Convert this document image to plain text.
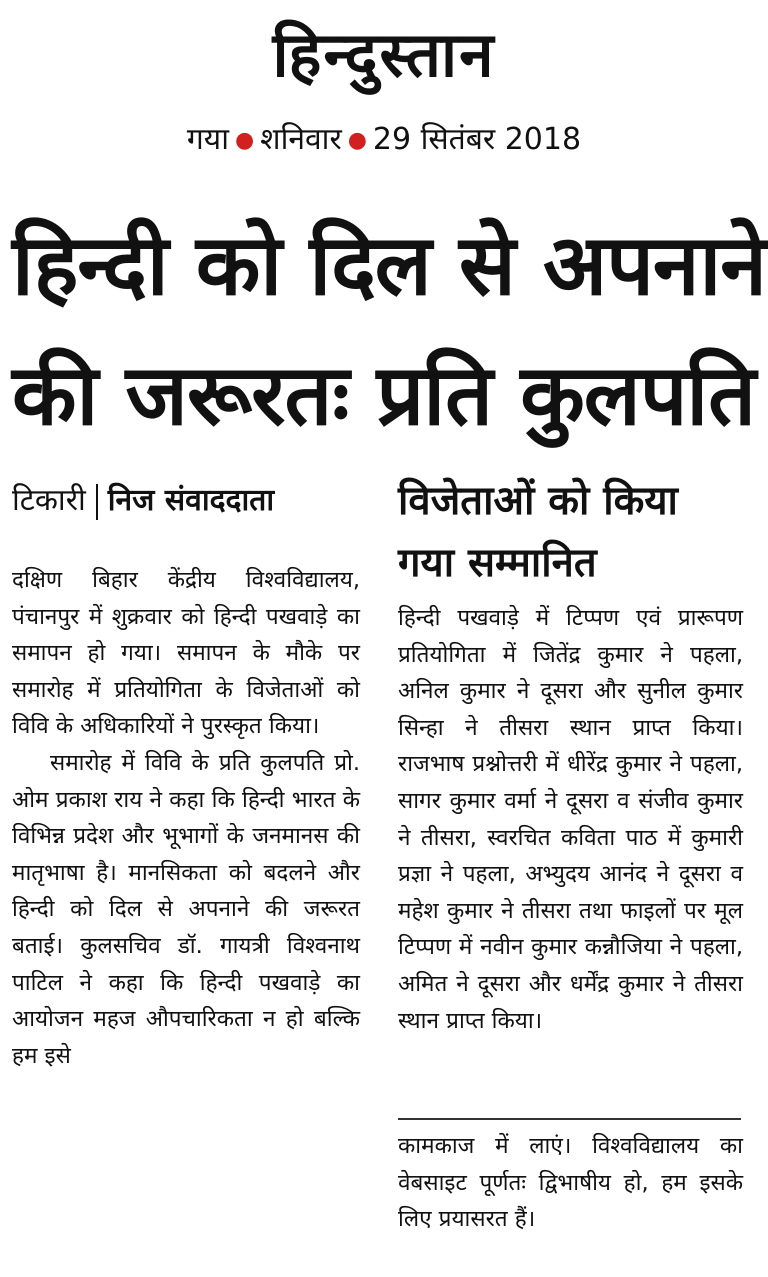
हिन्दुस्तान
गया ● शनिवार ● 29 सितंबर 2018
हिन्दी को दिल से अपनाने
की जरूरतः प्रति कुलपति
टिकारी निज संवाददाता

दक्षिण बिहार केंद्रीय विश्वविद्यालय, पंचानपुर में शुक्रवार को हिन्दी पखवाड़े का समापन हो गया। समापन के मौके पर समारोह में प्रतियोगिता के विजेताओं को विवि के अधिकारियों ने पुरस्कृत किया।

समारोह में विवि के प्रति कुलपति प्रो. ओम प्रकाश राय ने कहा कि हिन्दी भारत के विभिन्न प्रदेश और भूभागों के जनमानस की मातृभाषा है। मानसिकता को बदलने और हिन्दी को दिल से अपनाने की जरूरत बताई। कुलसचिव डॉ. गायत्री विश्वनाथ पाटिल ने कहा कि हिन्दी पखवाड़े का आयोजन महज औपचारिकता न हो बल्कि हम इसे

विजेताओं को किया
गया सम्मानित
हिन्दी पखवाड़े में टिप्पण एवं प्रारूपण प्रतियोगिता में जितेंद्र कुमार ने पहला, अनिल कुमार ने दूसरा और सुनील कुमार सिन्हा ने तीसरा स्थान प्राप्त किया। राजभाष प्रश्नोत्तरी में धीरेंद्र कुमार ने पहला, सागर कुमार वर्मा ने दूसरा व संजीव कुमार ने तीसरा, स्वरचित कविता पाठ में कुमारी प्रज्ञा ने पहला, अभ्युदय आनंद ने दूसरा व महेश कुमार ने तीसरा तथा फाइलों पर मूल टिप्पण में नवीन कुमार कन्नौजिया ने पहला, अमित ने दूसरा और धर्मेंद्र कुमार ने तीसरा स्थान प्राप्त किया।
कामकाज में लाएं। विश्वविद्यालय का वेबसाइट पूर्णतः द्विभाषीय हो, हम इसके लिए प्रयासरत हैं।
